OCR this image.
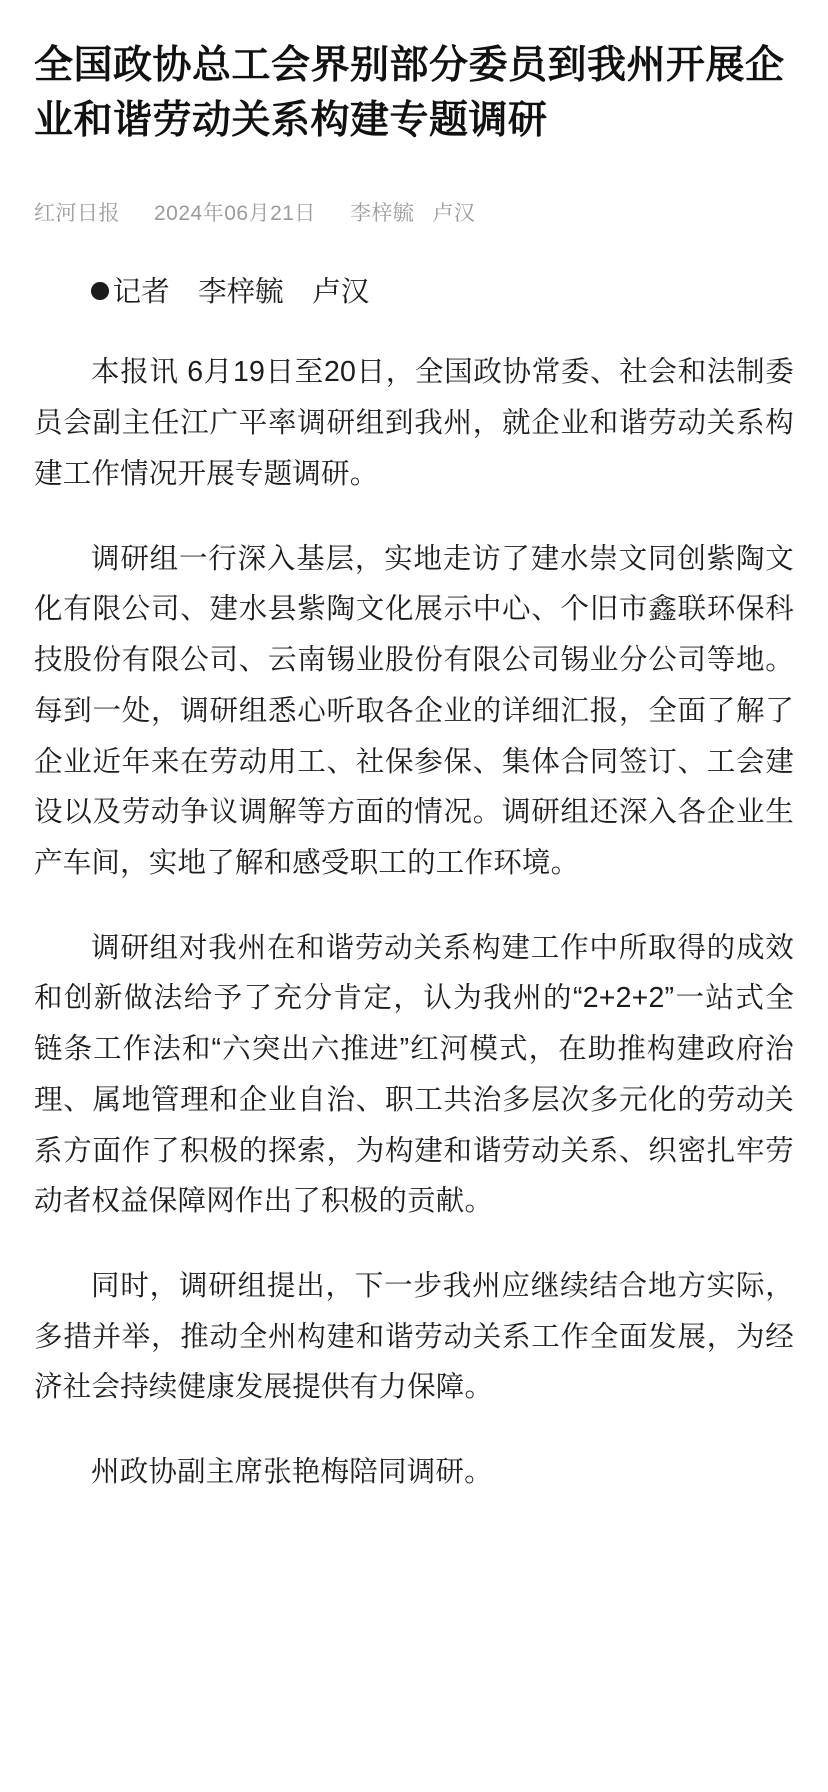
全国政协总工会界别部分委员到我州开展企业和谐劳动关系构建专题调研
红河日报 2024年06月21日 李梓毓 卢汉

记者 李梓毓 卢汉

本报讯 6月19日至20日，全国政协常委、社会和法制委员会副主任江广平率调研组到我州，就企业和谐劳动关系构建工作情况开展专题调研。

调研组一行深入基层，实地走访了建水崇文同创紫陶文化有限公司、建水县紫陶文化展示中心、个旧市鑫联环保科技股份有限公司、云南锡业股份有限公司锡业分公司等地。每到一处，调研组悉心听取各企业的详细汇报，全面了解了企业近年来在劳动用工、社保参保、集体合同签订、工会建设以及劳动争议调解等方面的情况。调研组还深入各企业生产车间，实地了解和感受职工的工作环境。

调研组对我州在和谐劳动关系构建工作中所取得的成效和创新做法给予了充分肯定，认为我州的“2+2+2”一站式全链条工作法和“六突出六推进”红河模式，在助推构建政府治理、属地管理和企业自治、职工共治多层次多元化的劳动关系方面作了积极的探索，为构建和谐劳动关系、织密扎牢劳动者权益保障网作出了积极的贡献。

同时，调研组提出，下一步我州应继续结合地方实际，多措并举，推动全州构建和谐劳动关系工作全面发展，为经济社会持续健康发展提供有力保障。

州政协副主席张艳梅陪同调研。
